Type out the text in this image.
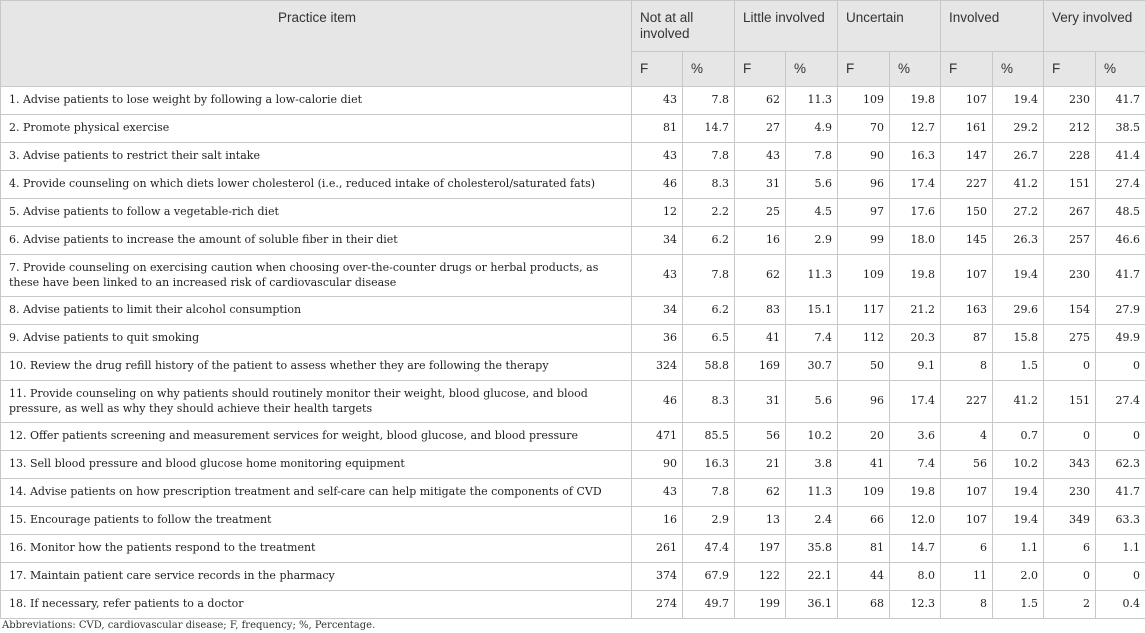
Practice item	Not at all involved		Little involved		Uncertain		Involved		Very involved	
	F	%	F	%	F	%	F	%	F	%
1. Advise patients to lose weight by following a low-calorie diet	43	7.8	62	11.3	109	19.8	107	19.4	230	41.7
2. Promote physical exercise	81	14.7	27	4.9	70	12.7	161	29.2	212	38.5
3. Advise patients to restrict their salt intake	43	7.8	43	7.8	90	16.3	147	26.7	228	41.4
4. Provide counseling on which diets lower cholesterol (i.e., reduced intake of cholesterol/saturated fats)	46	8.3	31	5.6	96	17.4	227	41.2	151	27.4
5. Advise patients to follow a vegetable-rich diet	12	2.2	25	4.5	97	17.6	150	27.2	267	48.5
6. Advise patients to increase the amount of soluble fiber in their diet	34	6.2	16	2.9	99	18.0	145	26.3	257	46.6
7. Provide counseling on exercising caution when choosing over-the-counter drugs or herbal products, as these have been linked to an increased risk of cardiovascular disease	43	7.8	62	11.3	109	19.8	107	19.4	230	41.7
8. Advise patients to limit their alcohol consumption	34	6.2	83	15.1	117	21.2	163	29.6	154	27.9
9. Advise patients to quit smoking	36	6.5	41	7.4	112	20.3	87	15.8	275	49.9
10. Review the drug refill history of the patient to assess whether they are following the therapy	324	58.8	169	30.7	50	9.1	8	1.5	0	0
11. Provide counseling on why patients should routinely monitor their weight, blood glucose, and blood pressure, as well as why they should achieve their health targets	46	8.3	31	5.6	96	17.4	227	41.2	151	27.4
12. Offer patients screening and measurement services for weight, blood glucose, and blood pressure	471	85.5	56	10.2	20	3.6	4	0.7	0	0
13. Sell blood pressure and blood glucose home monitoring equipment	90	16.3	21	3.8	41	7.4	56	10.2	343	62.3
14. Advise patients on how prescription treatment and self-care can help mitigate the components of CVD	43	7.8	62	11.3	109	19.8	107	19.4	230	41.7
15. Encourage patients to follow the treatment	16	2.9	13	2.4	66	12.0	107	19.4	349	63.3
16. Monitor how the patients respond to the treatment	261	47.4	197	35.8	81	14.7	6	1.1	6	1.1
17. Maintain patient care service records in the pharmacy	374	67.9	122	22.1	44	8.0	11	2.0	0	0
18. If necessary, refer patients to a doctor	274	49.7	199	36.1	68	12.3	8	1.5	2	0.4
Abbreviations: CVD, cardiovascular disease; F, frequency; %, Percentage.
